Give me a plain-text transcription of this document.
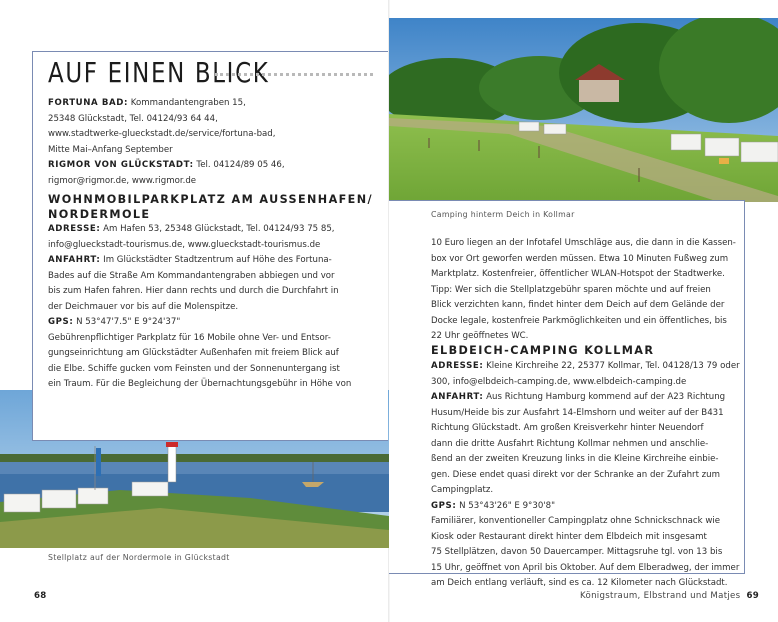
AUF EINEN BLICK
FORTUNA BAD: Kommandantengraben 15,
25348 Glückstadt, Tel. 04124/93 64 44,
www.stadtwerke-glueckstadt.de/service/fortuna-bad,
Mitte Mai–Anfang September
RIGMOR VON GLÜCKSTADT: Tel. 04124/89 05 46,
rigmor@rigmor.de, www.rigmor.de
WOHNMOBILPARKPLATZ AM AUSSENHAFEN/
NORDERMOLE
ADRESSE: Am Hafen 53, 25348 Glückstadt, Tel. 04124/93 75 85,
info@glueckstadt-tourismus.de, www.glueckstadt-tourismus.de
ANFAHRT: Im Glückstädter Stadtzentrum auf Höhe des Fortuna-
Bades auf die Straße Am Kommandantengraben abbiegen und vor
bis zum Hafen fahren. Hier dann rechts und durch die Durchfahrt in
der Deichmauer vor bis auf die Molenspitze.
GPS: N 53°47'7.5" E 9°24'37"
Gebührenpflichtiger Parkplatz für 16 Mobile ohne Ver- und Entsor-
gungseinrichtung am Glückstädter Außenhafen mit freiem Blick auf
die Elbe. Schiffe gucken vom Feinsten und der Sonnenuntergang ist
ein Traum. Für die Begleichung der Übernachtungsgebühr in Höhe von
Stellplatz auf der Nordermole in Glückstadt
68
Camping hinterm Deich in Kollmar
10 Euro liegen an der Infotafel Umschläge aus, die dann in die Kassen-
box vor Ort geworfen werden müssen. Etwa 10 Minuten Fußweg zum
Marktplatz. Kostenfreier, öffentlicher WLAN-Hotspot der Stadtwerke.
Tipp: Wer sich die Stellplatzgebühr sparen möchte und auf freien
Blick verzichten kann, findet hinter dem Deich auf dem Gelände der
Docke legale, kostenfreie Parkmöglichkeiten und ein öffentliches, bis
22 Uhr geöffnetes WC.
ELBDEICH-CAMPING KOLLMAR
ADRESSE: Kleine Kirchreihe 22, 25377 Kollmar, Tel. 04128/13 79 oder
300, info@elbdeich-camping.de, www.elbdeich-camping.de
ANFAHRT: Aus Richtung Hamburg kommend auf der A23 Richtung
Husum/Heide bis zur Ausfahrt 14-Elmshorn und weiter auf der B431
Richtung Glückstadt. Am großen Kreisverkehr hinter Neuendorf
dann die dritte Ausfahrt Richtung Kollmar nehmen und anschlie-
ßend an der zweiten Kreuzung links in die Kleine Kirchreihe einbie-
gen. Diese endet quasi direkt vor der Schranke an der Zufahrt zum
Campingplatz.
GPS: N 53°43'26" E 9°30'8"
Familiärer, konventioneller Campingplatz ohne Schnickschnack wie
Kiosk oder Restaurant direkt hinter dem Elbdeich mit insgesamt
75 Stellplätzen, davon 50 Dauercamper. Mittagsruhe tgl. von 13 bis
15 Uhr, geöffnet von April bis Oktober. Auf dem Elberadweg, der immer
am Deich entlang verläuft, sind es ca. 12 Kilometer nach Glückstadt.
Königstraum, Elbstrand und Matjes 69
